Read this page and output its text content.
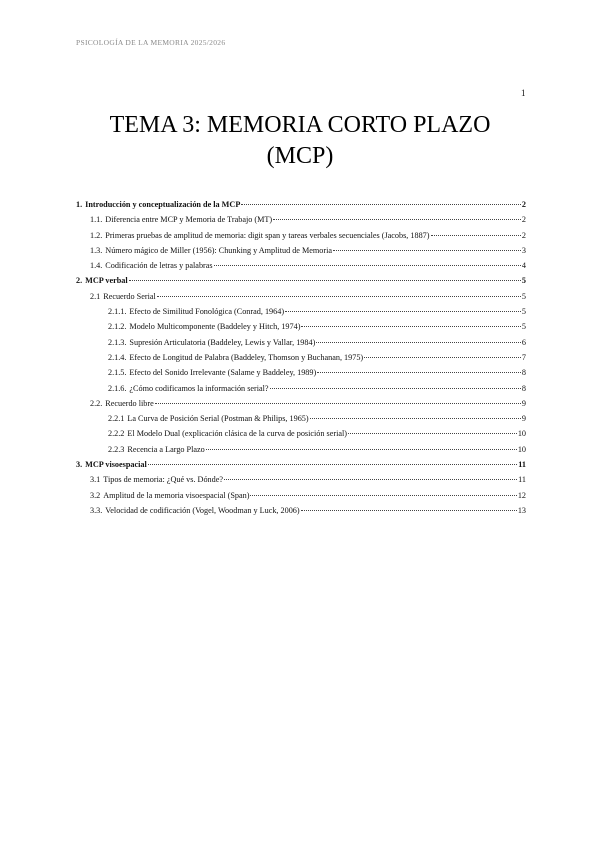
PSICOLOGÍA DE LA MEMORIA 2025/2026
1
TEMA 3: MEMORIA CORTO PLAZO
(MCP)
1. Introducción y conceptualización de la MCP	2
1.1. Diferencia entre MCP y Memoria de Trabajo (MT)	2
1.2. Primeras pruebas de amplitud de memoria: digit span y tareas verbales secuenciales (Jacobs, 1887)	2
1.3. Número mágico de Miller (1956): Chunking y Amplitud de Memoria	3
1.4. Codificación de letras y palabras	4
2. MCP verbal	5
2.1 Recuerdo Serial	5
2.1.1. Efecto de Similitud Fonológica (Conrad, 1964)	5
2.1.2. Modelo Multicomponente (Baddeley y Hitch, 1974)	5
2.1.3. Supresión Articulatoria (Baddeley, Lewis y Vallar, 1984)	6
2.1.4. Efecto de Longitud de Palabra (Baddeley, Thomson y Buchanan, 1975)	7
2.1.5. Efecto del Sonido Irrelevante (Salame y Baddeley, 1989)	8
2.1.6. ¿Cómo codificamos la información serial?	8
2.2. Recuerdo libre	9
2.2.1 La Curva de Posición Serial (Postman & Philips, 1965)	9
2.2.2 El Modelo Dual (explicación clásica de la curva de posición serial)	10
2.2.3 Recencia a Largo Plazo	10
3. MCP visoespacial	11
3.1 Tipos de memoria: ¿Qué vs. Dónde?	11
3.2 Amplitud de la memoria visoespacial (Span)	12
3.3. Velocidad de codificación (Vogel, Woodman y Luck, 2006)	13
